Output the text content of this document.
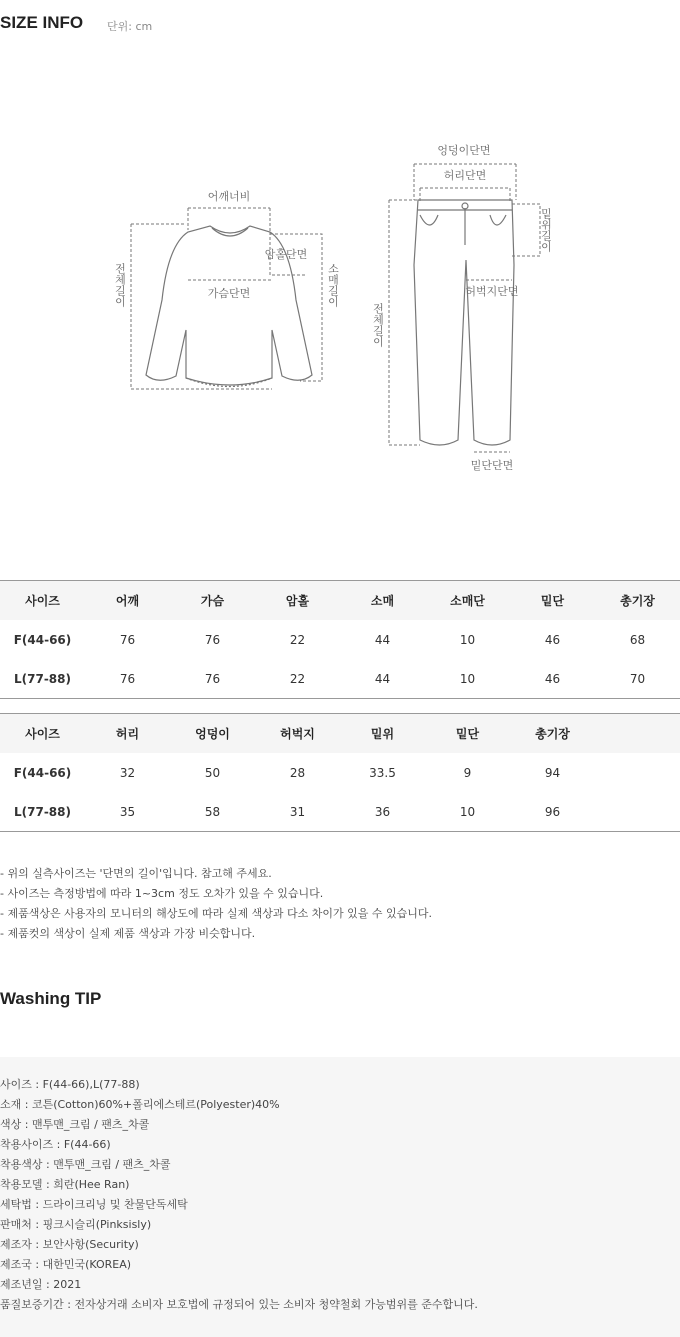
SIZE INFO 단위: cm
어깨너비
암홀단면
가슴단면
전체길이	소매길이
엉덩이단면
허리단면
밑위길이
허벅지단면
전체길이
밑단단면
사이즈	어깨	가슴	암홀	소매	소매단	밑단	총기장
F(44-66)	76	76	22	44	10	46	68
L(77-88)	76	76	22	44	10	46	70
사이즈	허리	엉덩이	허벅지	밑위	밑단	총기장	
F(44-66)	32	50	28	33.5	9	94	
L(77-88)	35	58	31	36	10	96	
- 위의 실측사이즈는 '단면의 길이'입니다. 참고해 주세요.
- 사이즈는 측정방법에 따라 1~3cm 정도 오차가 있을 수 있습니다.
- 제품색상은 사용자의 모니터의 해상도에 따라 실제 색상과 다소 차이가 있을 수 있습니다.
- 제품컷의 색상이 실제 제품 색상과 가장 비슷합니다.
Washing TIP
사이즈 : F(44-66),L(77-88)
소재 : 코튼(Cotton)60%+폴리에스테르(Polyester)40%
색상 : 맨투맨_크림 / 팬츠_차콜
착용사이즈 : F(44-66)
착용색상 : 맨투맨_크림 / 팬츠_차콜
착용모델 : 희란(Hee Ran)
세탁법 : 드라이크리닝 및 찬물단독세탁
판매처 : 핑크시슬리(Pinksisly)
제조자 : 보안사항(Security)
제조국 : 대한민국(KOREA)
제조년일 : 2021
품질보증기간 : 전자상거래 소비자 보호법에 규정되어 있는 소비자 청약철회 가능범위를 준수합니다.
